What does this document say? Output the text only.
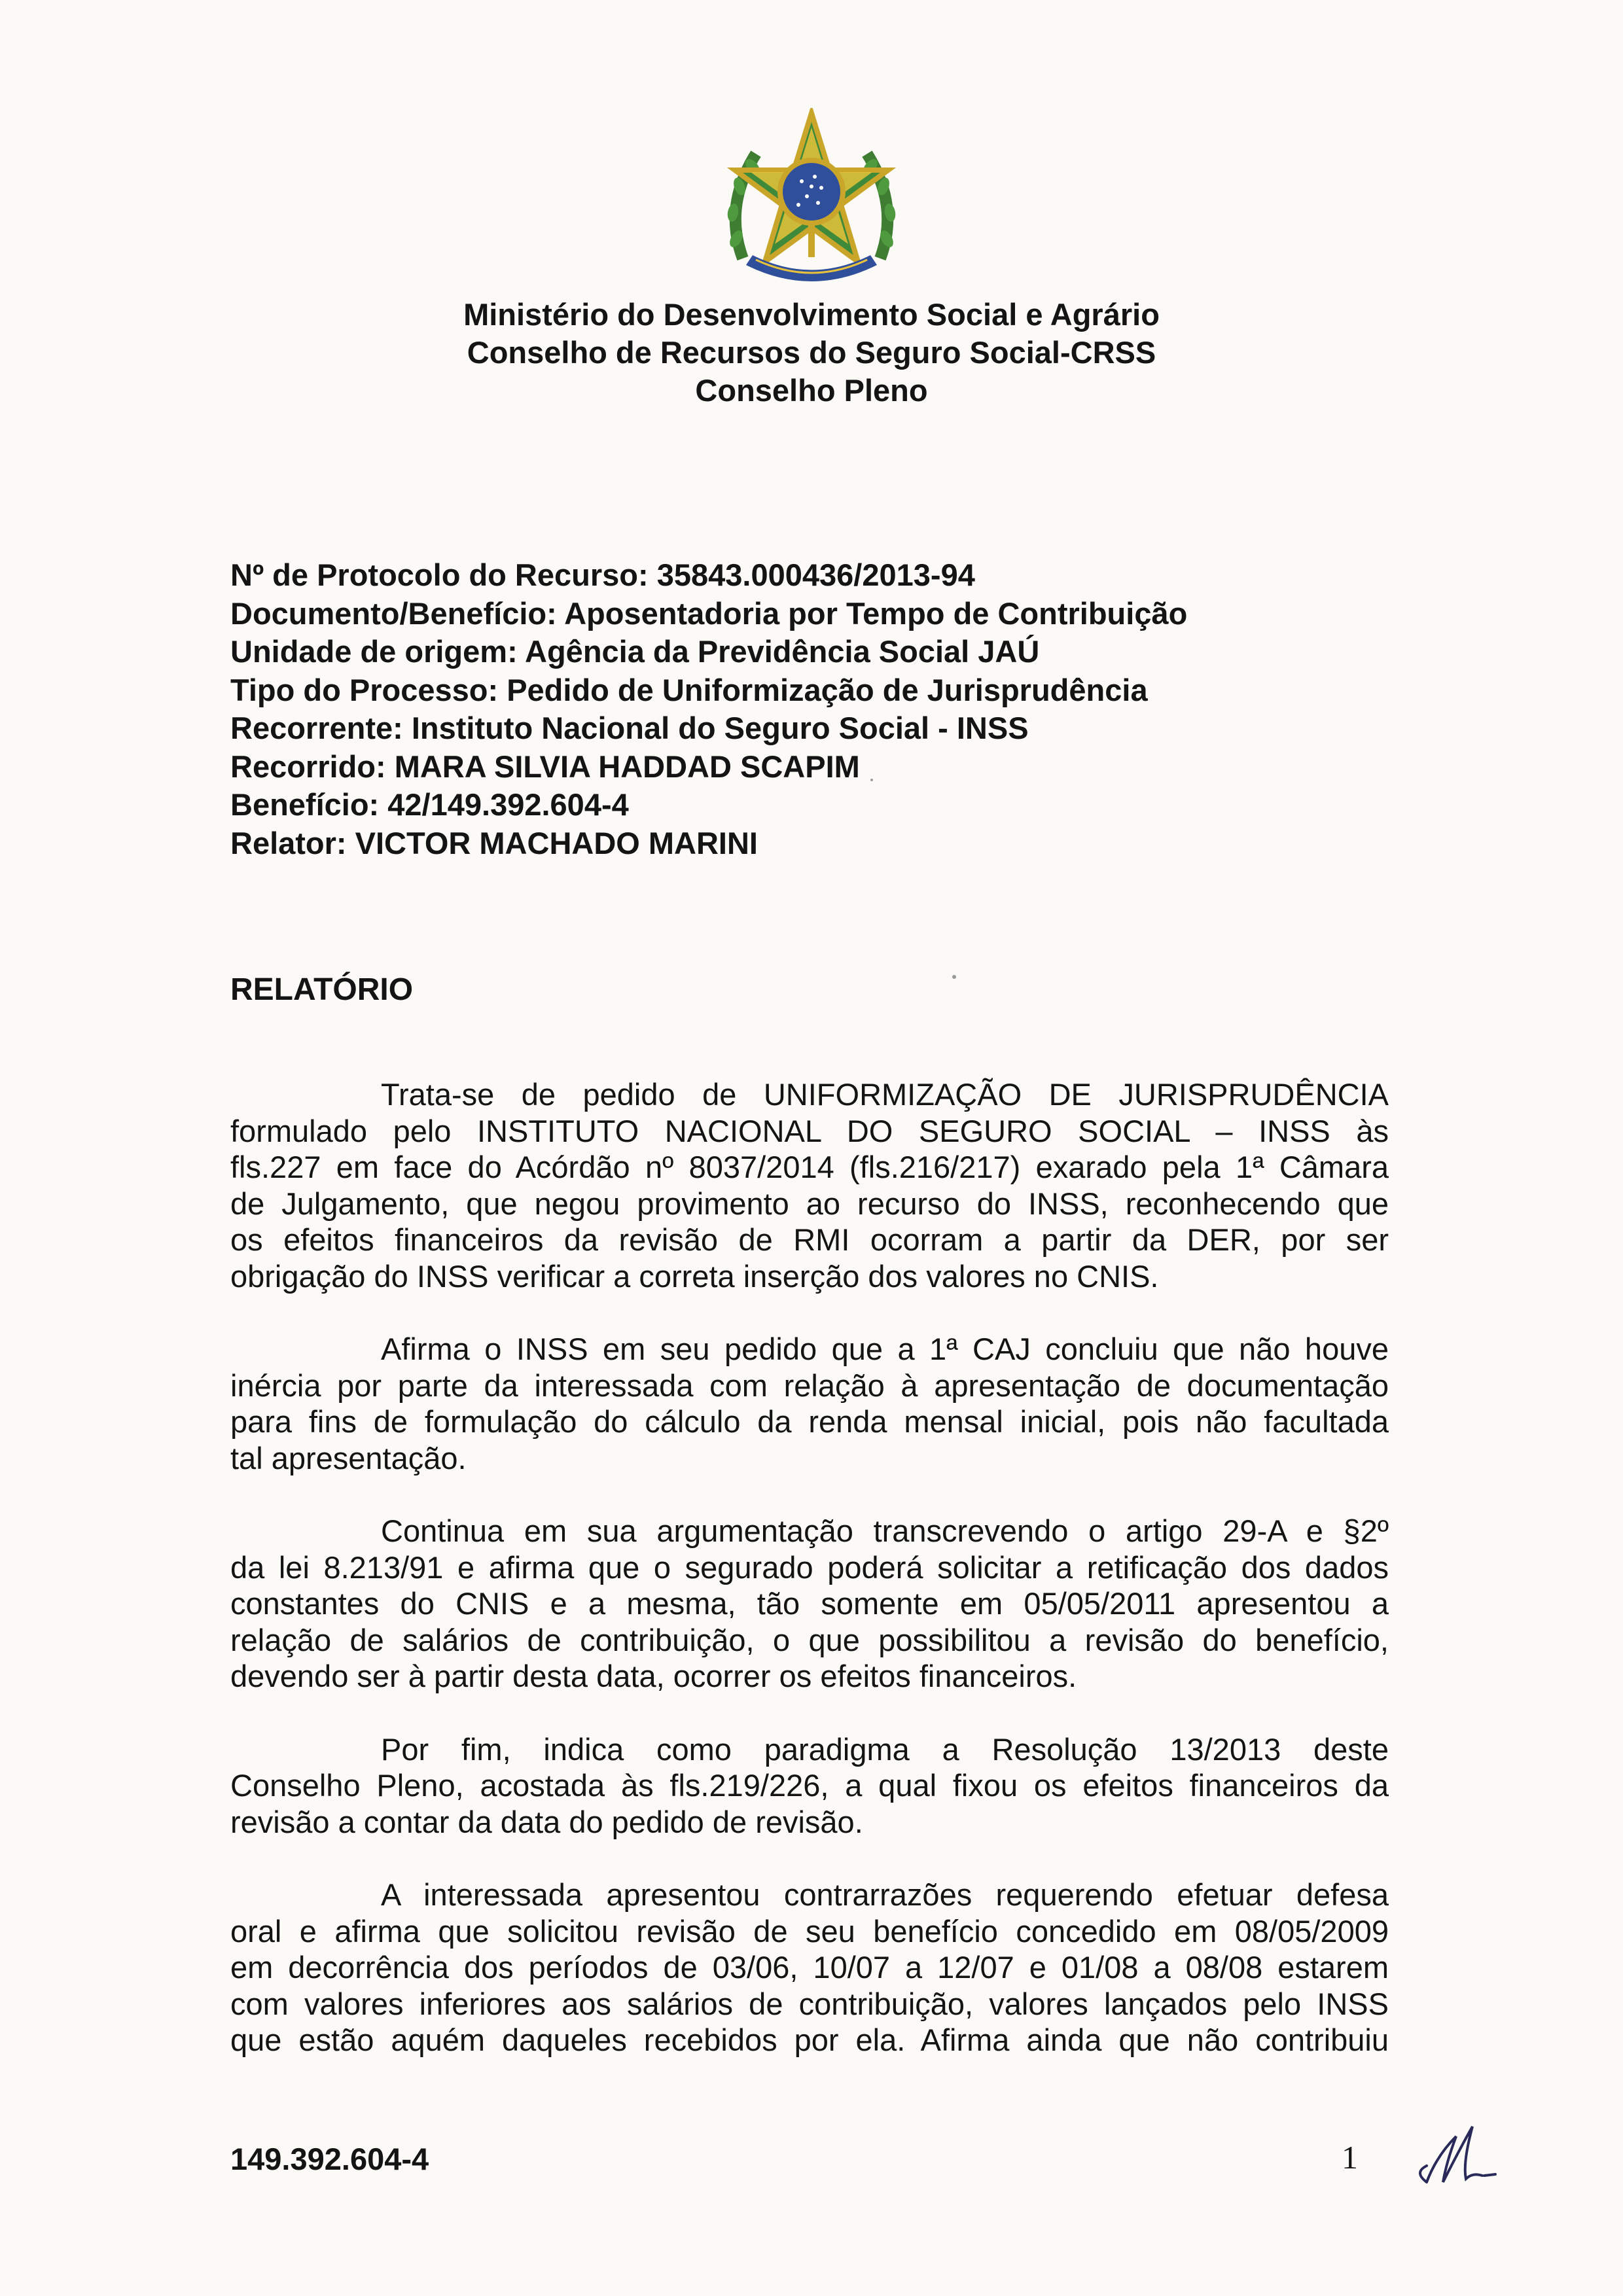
Ministério do Desenvolvimento Social e Agrário
Conselho de Recursos do Seguro Social-CRSS
Conselho Pleno
Nº de Protocolo do Recurso: 35843.000436/2013-94
Documento/Benefício: Aposentadoria por Tempo de Contribuição
Unidade de origem: Agência da Previdência Social JAÚ
Tipo do Processo: Pedido de Uniformização de Jurisprudência
Recorrente: Instituto Nacional do Seguro Social - INSS
Recorrido: MARA SILVIA HADDAD SCAPIM
Benefício: 42/149.392.604-4
Relator: VICTOR MACHADO MARINI
RELATÓRIO
Trata-se de pedido de UNIFORMIZAÇÃO DE JURISPRUDÊNCIA
formulado pelo INSTITUTO NACIONAL DO SEGURO SOCIAL – INSS às
fls.227 em face do Acórdão nº 8037/2014 (fls.216/217) exarado pela 1ª Câmara
de Julgamento, que negou provimento ao recurso do INSS, reconhecendo que
os efeitos financeiros da revisão de RMI ocorram a partir da DER, por ser
obrigação do INSS verificar a correta inserção dos valores no CNIS.
Afirma o INSS em seu pedido que a 1ª CAJ concluiu que não houve
inércia por parte da interessada com relação à apresentação de documentação
para fins de formulação do cálculo da renda mensal inicial, pois não facultada
tal apresentação.
Continua em sua argumentação transcrevendo o artigo 29-A e §2º
da lei 8.213/91 e afirma que o segurado poderá solicitar a retificação dos dados
constantes do CNIS e a mesma, tão somente em 05/05/2011 apresentou a
relação de salários de contribuição, o que possibilitou a revisão do benefício,
devendo ser à partir desta data, ocorrer os efeitos financeiros.
Por fim, indica como paradigma a Resolução 13/2013 deste
Conselho Pleno, acostada às fls.219/226, a qual fixou os efeitos financeiros da
revisão a contar da data do pedido de revisão.
A interessada apresentou contrarrazões requerendo efetuar defesa
oral e afirma que solicitou revisão de seu benefício concedido em 08/05/2009
em decorrência dos períodos de 03/06, 10/07 a 12/07 e 01/08 a 08/08 estarem
com valores inferiores aos salários de contribuição, valores lançados pelo INSS
que estão aquém daqueles recebidos por ela. Afirma ainda que não contribuiu
149.392.604-4	1
